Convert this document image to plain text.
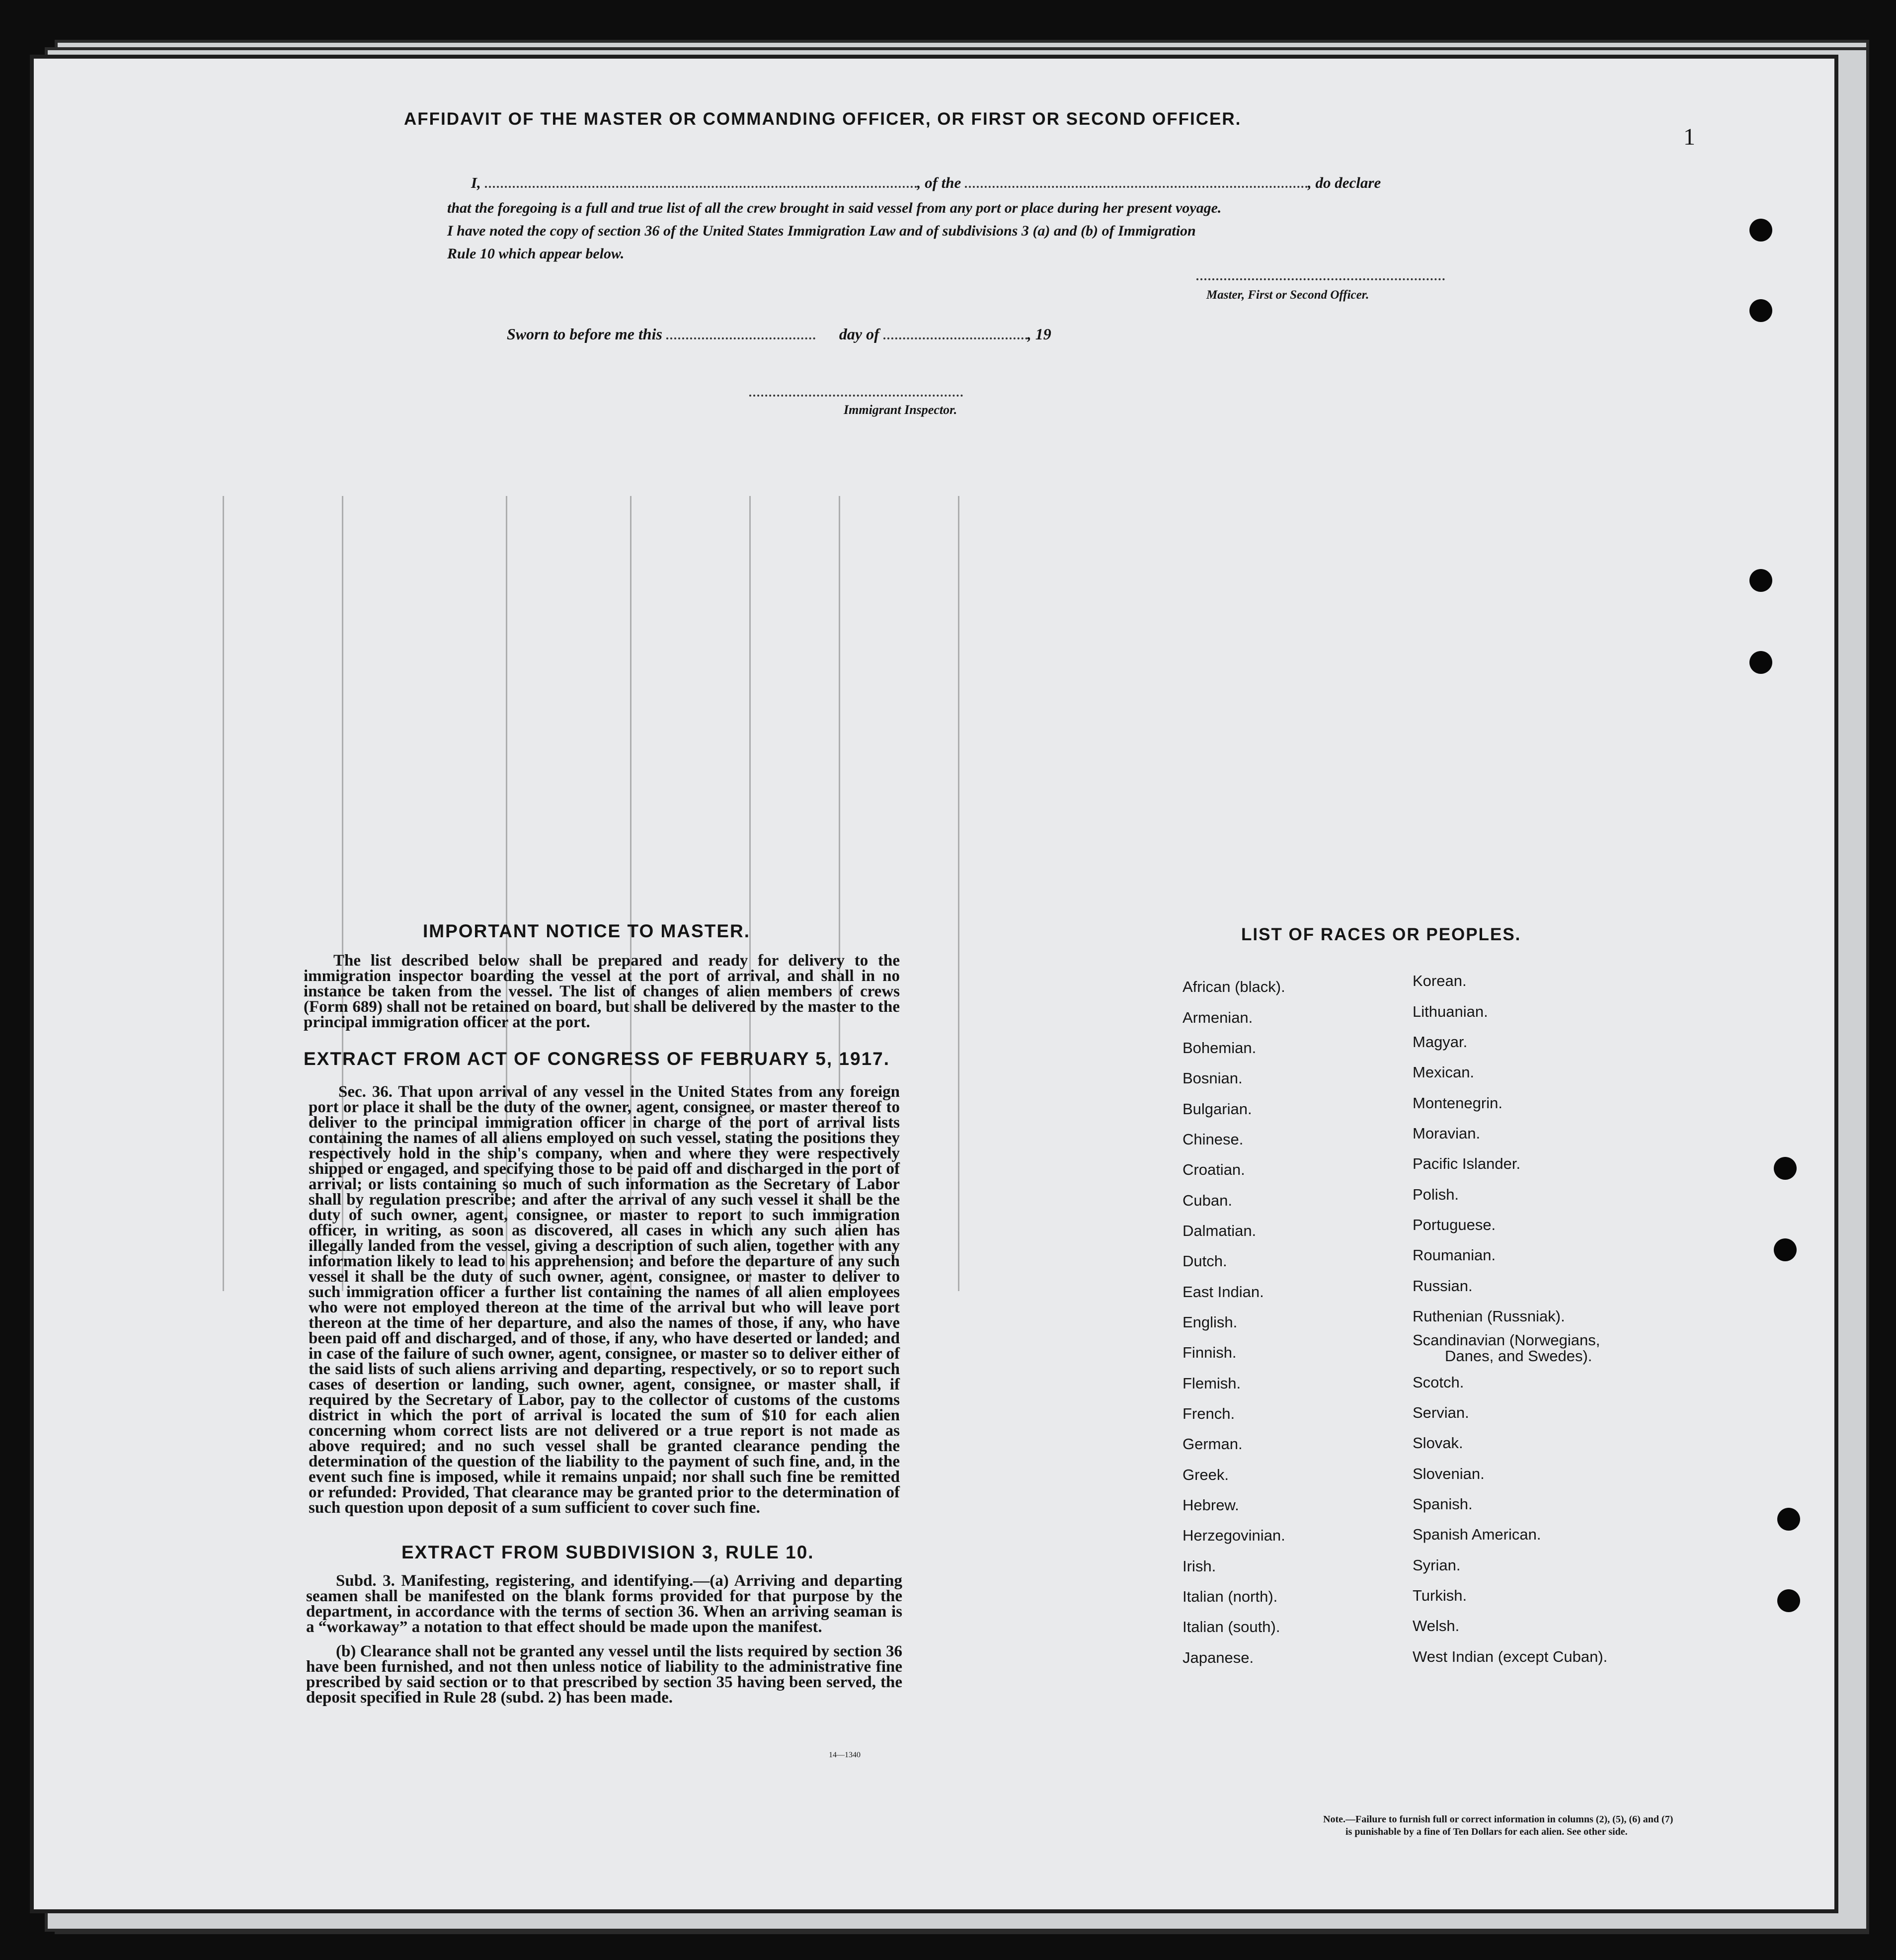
AFFIDAVIT OF THE MASTER OR COMMANDING OFFICER, OR FIRST OR SECOND OFFICER.
I,	, of the	, do declare
that the foregoing is a full and true list of all the crew brought in said vessel from any port or place during her present voyage.
I have noted the copy of section 36 of the United States Immigration Law and of subdivisions 3 (a) and (b) of Immigration
Rule 10 which appear below.
Master, First or Second Officer.
Sworn to before me this	day of	, 19
Immigrant Inspector.
IMPORTANT NOTICE TO MASTER.
The list described below shall be prepared and ready for delivery to the immigration inspector boarding the vessel at the port of arrival, and shall in no instance be taken from the vessel. The list of changes of alien members of crews (Form 689) shall not be retained on board, but shall be delivered by the master to the principal immigration officer at the port.
EXTRACT FROM ACT OF CONGRESS OF FEBRUARY 5, 1917.
Sec. 36. That upon arrival of any vessel in the United States from any foreign port or place it shall be the duty of the owner, agent, consignee, or master thereof to deliver to the principal immigration officer in charge of the port of arrival lists containing the names of all aliens employed on such vessel, stating the positions they respectively hold in the ship's company, when and where they were respectively shipped or engaged, and specifying those to be paid off and discharged in the port of arrival; or lists containing so much of such information as the Secretary of Labor shall by regulation prescribe; and after the arrival of any such vessel it shall be the duty of such owner, agent, consignee, or master to report to such immigration officer, in writing, as soon as discovered, all cases in which any such alien has illegally landed from the vessel, giving a description of such alien, together with any information likely to lead to his apprehension; and before the departure of any such vessel it shall be the duty of such owner, agent, consignee, or master to deliver to such immigration officer a further list containing the names of all alien employees who were not employed thereon at the time of the arrival but who will leave port thereon at the time of her departure, and also the names of those, if any, who have been paid off and discharged, and of those, if any, who have deserted or landed; and in case of the failure of such owner, agent, consignee, or master so to deliver either of the said lists of such aliens arriving and departing, respectively, or so to report such cases of desertion or landing, such owner, agent, consignee, or master shall, if required by the Secretary of Labor, pay to the collector of customs of the customs district in which the port of arrival is located the sum of $10 for each alien concerning whom correct lists are not delivered or a true report is not made as above required; and no such vessel shall be granted clearance pending the determination of the question of the liability to the payment of such fine, and, in the event such fine is imposed, while it remains unpaid; nor shall such fine be remitted or refunded: Provided, That clearance may be granted prior to the determination of such question upon deposit of a sum sufficient to cover such fine.
EXTRACT FROM SUBDIVISION 3, RULE 10.
Subd. 3. Manifesting, registering, and identifying.—(a) Arriving and departing seamen shall be manifested on the blank forms provided for that purpose by the department, in accordance with the terms of section 36. When an arriving seaman is a “workaway” a notation to that effect should be made upon the manifest.
(b) Clearance shall not be granted any vessel until the lists required by section 36 have been furnished, and not then unless notice of liability to the administrative fine prescribed by said section or to that prescribed by section 35 having been served, the deposit specified in Rule 28 (subd. 2) has been made.
14—1340
LIST OF RACES OR PEOPLES.
African (black).
Armenian.
Bohemian.
Bosnian.
Bulgarian.
Chinese.
Croatian.
Cuban.
Dalmatian.
Dutch.
East Indian.
English.
Finnish.
Flemish.
French.
German.
Greek.
Hebrew.
Herzegovinian.
Irish.
Italian (north).
Italian (south).
Japanese.
Korean.
Lithuanian.
Magyar.
Mexican.
Montenegrin.
Moravian.
Pacific Islander.
Polish.
Portuguese.
Roumanian.
Russian.
Ruthenian (Russniak).
Scandinavian (Norwegians,
Danes, and Swedes).
Scotch.
Servian.
Slovak.
Slovenian.
Spanish.
Spanish American.
Syrian.
Turkish.
Welsh.
West Indian (except Cuban).
Note.—Failure to furnish full or correct information in columns (2), (5), (6) and (7)
is punishable by a fine of Ten Dollars for each alien. See other side.
1
